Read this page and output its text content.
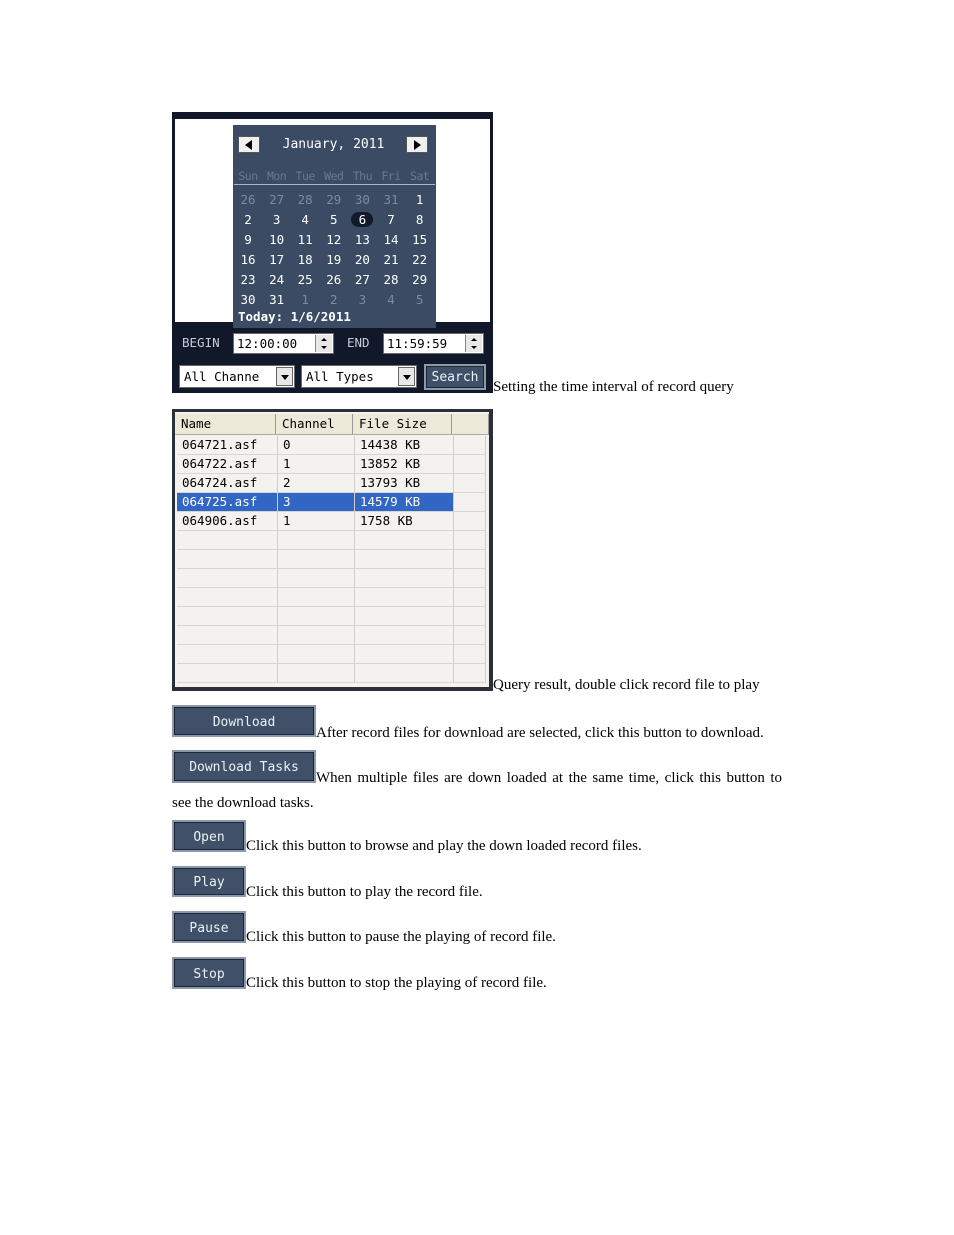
January, 2011
Sun Mon Tue Wed Thu Fri Sat
26	27	28	29	30	31	1
2	3	4	5	6	7	8
9	10	11	12	13	14	15
16	17	18	19	20	21	22
23	24	25	26	27	28	29
30	31	1	2	3	4	5
Today: 1/6/2011
BEGIN 12:00:00	END 11:59:59
All Channe	All Types	Search
Setting the time interval of record query
Name	Channel	File Size
064721.asf	0	14438 KB
064722.asf	1	13852 KB
064724.asf	2	13793 KB
064725.asf	3	14579 KB
064906.asf	1	1758 KB
Query result, double click record file to play
Download
After record files for download are selected, click this button to download.
Download Tasks
When multiple files are down loaded at the same time, click this button to
see the download tasks.
Open
Click this button to browse and play the down loaded record files.
Play
Click this button to play the record file.
Pause
Click this button to pause the playing of record file.
Stop
Click this button to stop the playing of record file.
